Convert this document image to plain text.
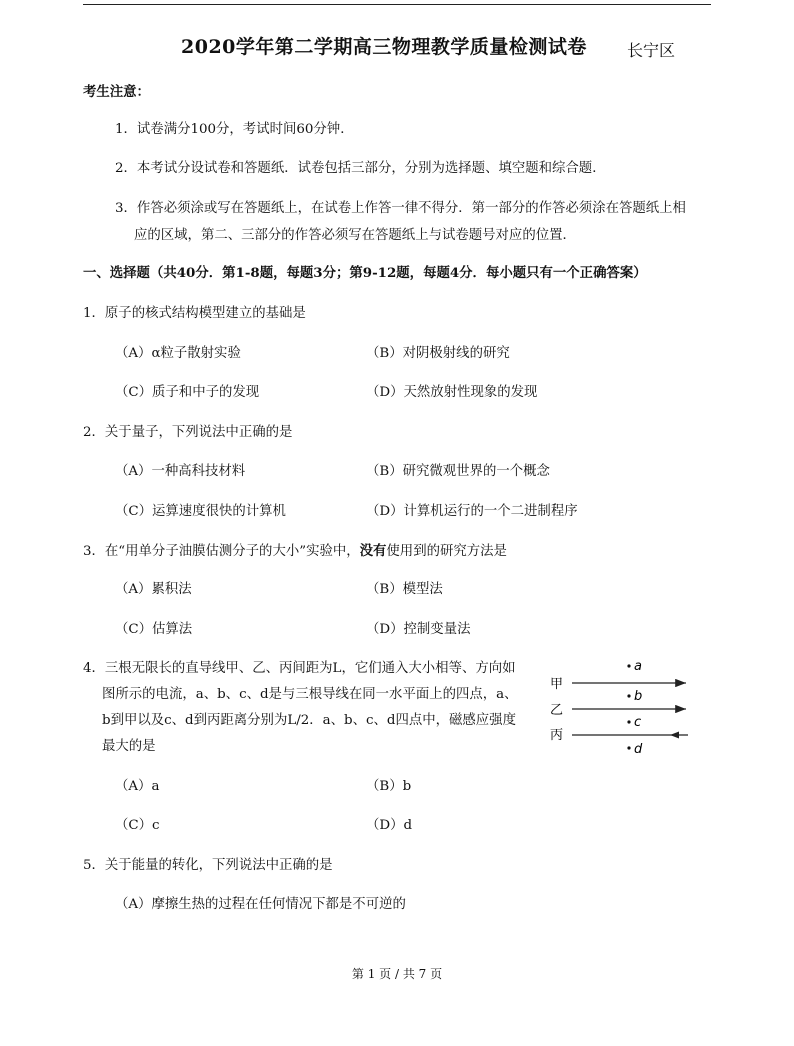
2020学年第二学期高三物理教学质量检测试卷	长宁区
考生注意：
1．试卷满分100分，考试时间60分钟．
2．本考试分设试卷和答题纸．试卷包括三部分，分别为选择题、填空题和综合题．
3．作答必须涂或写在答题纸上，在试卷上作答一律不得分．第一部分的作答必须涂在答题纸上相
应的区域，第二、三部分的作答必须写在答题纸上与试卷题号对应的位置．
一、选择题（共40分．第1-8题，每题3分；第9-12题，每题4分．每小题只有一个正确答案）
1．原子的核式结构模型建立的基础是
（A）α粒子散射实验	（B）对阴极射线的研究
（C）质子和中子的发现	（D）天然放射性现象的发现
2．关于量子，下列说法中正确的是
（A）一种高科技材料	（B）研究微观世界的一个概念
（C）运算速度很快的计算机	（D）计算机运行的一个二进制程序
3．在“用单分子油膜估测分子的大小”实验中，没有使用到的研究方法是
（A）累积法	（B）模型法
（C）估算法	（D）控制变量法
4．三根无限长的直导线甲、乙、丙间距为L，它们通入大小相等、方向如
图所示的电流，a、b、c、d是与三根导线在同一水平面上的四点，a、
b到甲以及c、d到丙距离分别为L/2．a、b、c、d四点中，磁感应强度
最大的是
a
甲
b
乙
c
丙
d
（A）a	（B）b
（C）c	（D）d
5．关于能量的转化，下列说法中正确的是
（A）摩擦生热的过程在任何情况下都是不可逆的
第 1 页 / 共 7 页
